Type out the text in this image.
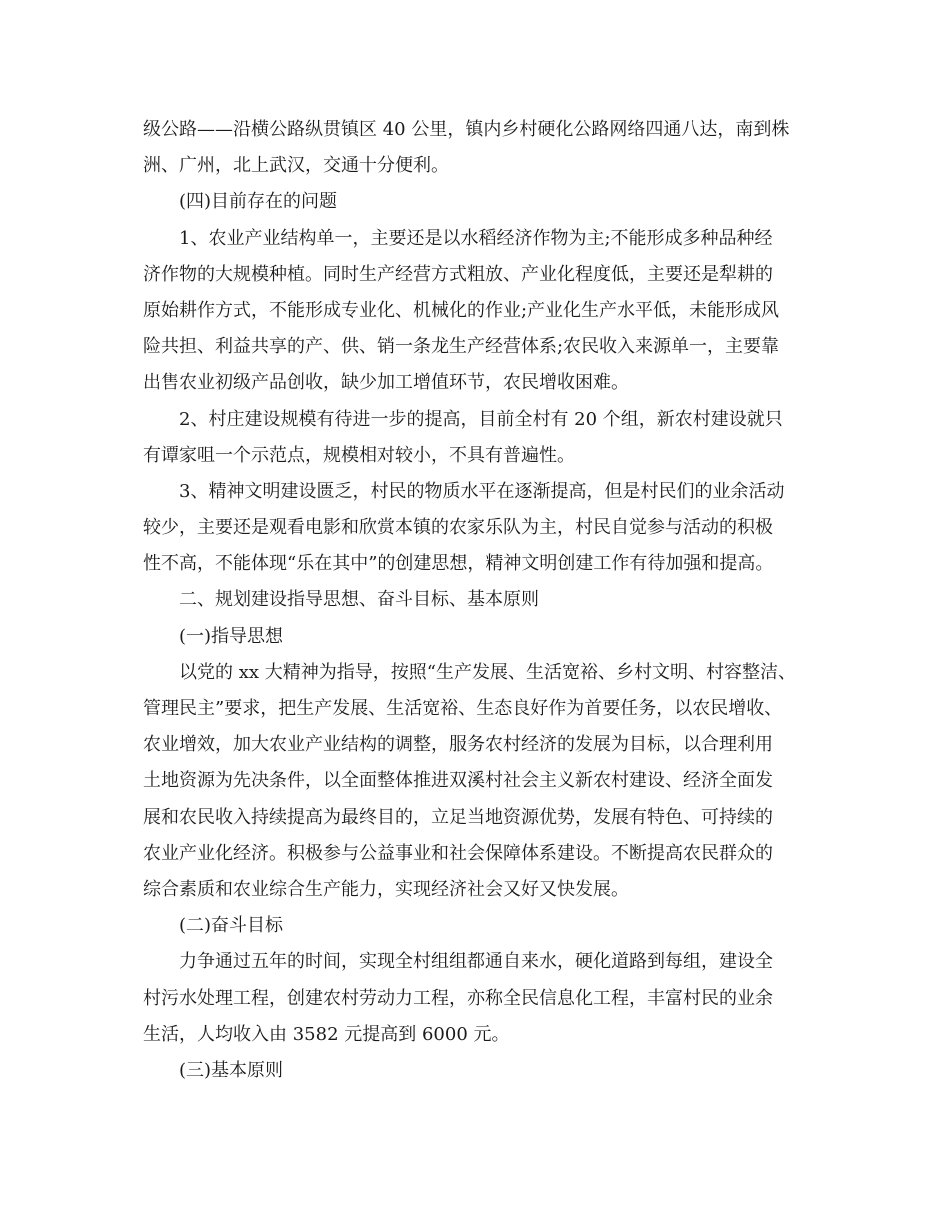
级公路——沿横公路纵贯镇区 40 公里，镇内乡村硬化公路网络四通八达，南到株
洲、广州，北上武汉，交通十分便利。
(四)目前存在的问题
1、农业产业结构单一，主要还是以水稻经济作物为主;不能形成多种品种经
济作物的大规模种植。同时生产经营方式粗放、产业化程度低，主要还是犁耕的
原始耕作方式，不能形成专业化、机械化的作业;产业化生产水平低，未能形成风
险共担、利益共享的产、供、销一条龙生产经营体系;农民收入来源单一，主要靠
出售农业初级产品创收，缺少加工增值环节，农民增收困难。
2、村庄建设规模有待进一步的提高，目前全村有 20 个组，新农村建设就只
有谭家咀一个示范点，规模相对较小，不具有普遍性。
3、精神文明建设匮乏，村民的物质水平在逐渐提高，但是村民们的业余活动
较少，主要还是观看电影和欣赏本镇的农家乐队为主，村民自觉参与活动的积极
性不高，不能体现“乐在其中”的创建思想，精神文明创建工作有待加强和提高。
二、规划建设指导思想、奋斗目标、基本原则
(一)指导思想
以党的 xx 大精神为指导，按照“生产发展、生活宽裕、乡村文明、村容整洁、
管理民主”要求，把生产发展、生活宽裕、生态良好作为首要任务，以农民增收、
农业增效，加大农业产业结构的调整，服务农村经济的发展为目标，以合理利用
土地资源为先决条件，以全面整体推进双溪村社会主义新农村建设、经济全面发
展和农民收入持续提高为最终目的，立足当地资源优势，发展有特色、可持续的
农业产业化经济。积极参与公益事业和社会保障体系建设。不断提高农民群众的
综合素质和农业综合生产能力，实现经济社会又好又快发展。
(二)奋斗目标
力争通过五年的时间，实现全村组组都通自来水，硬化道路到每组，建设全
村污水处理工程，创建农村劳动力工程，亦称全民信息化工程，丰富村民的业余
生活，人均收入由 3582 元提高到 6000 元。
(三)基本原则
